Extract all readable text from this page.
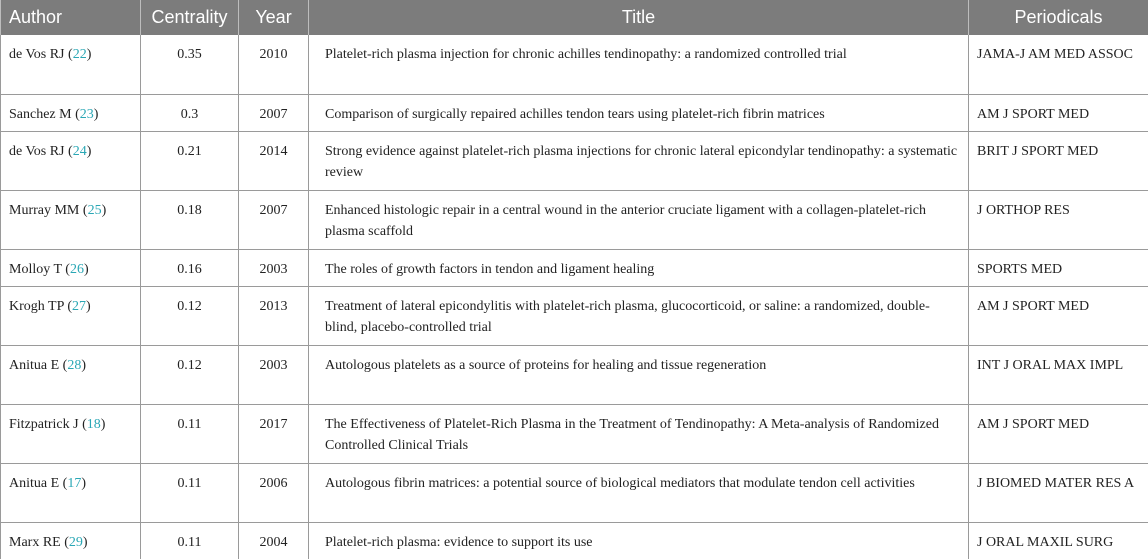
Author	Centrality	Year	Title	Periodicals
de Vos RJ (22)	0.35	2010	Platelet-rich plasma injection for chronic achilles tendinopathy: a randomized controlled trial	JAMA-J AM MED ASSOC
Sanchez M (23)	0.3	2007	Comparison of surgically repaired achilles tendon tears using platelet-rich fibrin matrices	AM J SPORT MED
de Vos RJ (24)	0.21	2014	Strong evidence against platelet-rich plasma injections for chronic lateral epicondylar tendinopathy: a systematic review	BRIT J SPORT MED
Murray MM (25)	0.18	2007	Enhanced histologic repair in a central wound in the anterior cruciate ligament with a collagen-platelet-rich plasma scaffold	J ORTHOP RES
Molloy T (26)	0.16	2003	The roles of growth factors in tendon and ligament healing	SPORTS MED
Krogh TP (27)	0.12	2013	Treatment of lateral epicondylitis with platelet-rich plasma, glucocorticoid, or saline: a randomized, double-blind, placebo-controlled trial	AM J SPORT MED
Anitua E (28)	0.12	2003	Autologous platelets as a source of proteins for healing and tissue regeneration	INT J ORAL MAX IMPL
Fitzpatrick J (18)	0.11	2017	The Effectiveness of Platelet-Rich Plasma in the Treatment of Tendinopathy: A Meta-analysis of Randomized Controlled Clinical Trials	AM J SPORT MED
Anitua E (17)	0.11	2006	Autologous fibrin matrices: a potential source of biological mediators that modulate tendon cell activities	J BIOMED MATER RES A
Marx RE (29)	0.11	2004	Platelet-rich plasma: evidence to support its use	J ORAL MAXIL SURG
